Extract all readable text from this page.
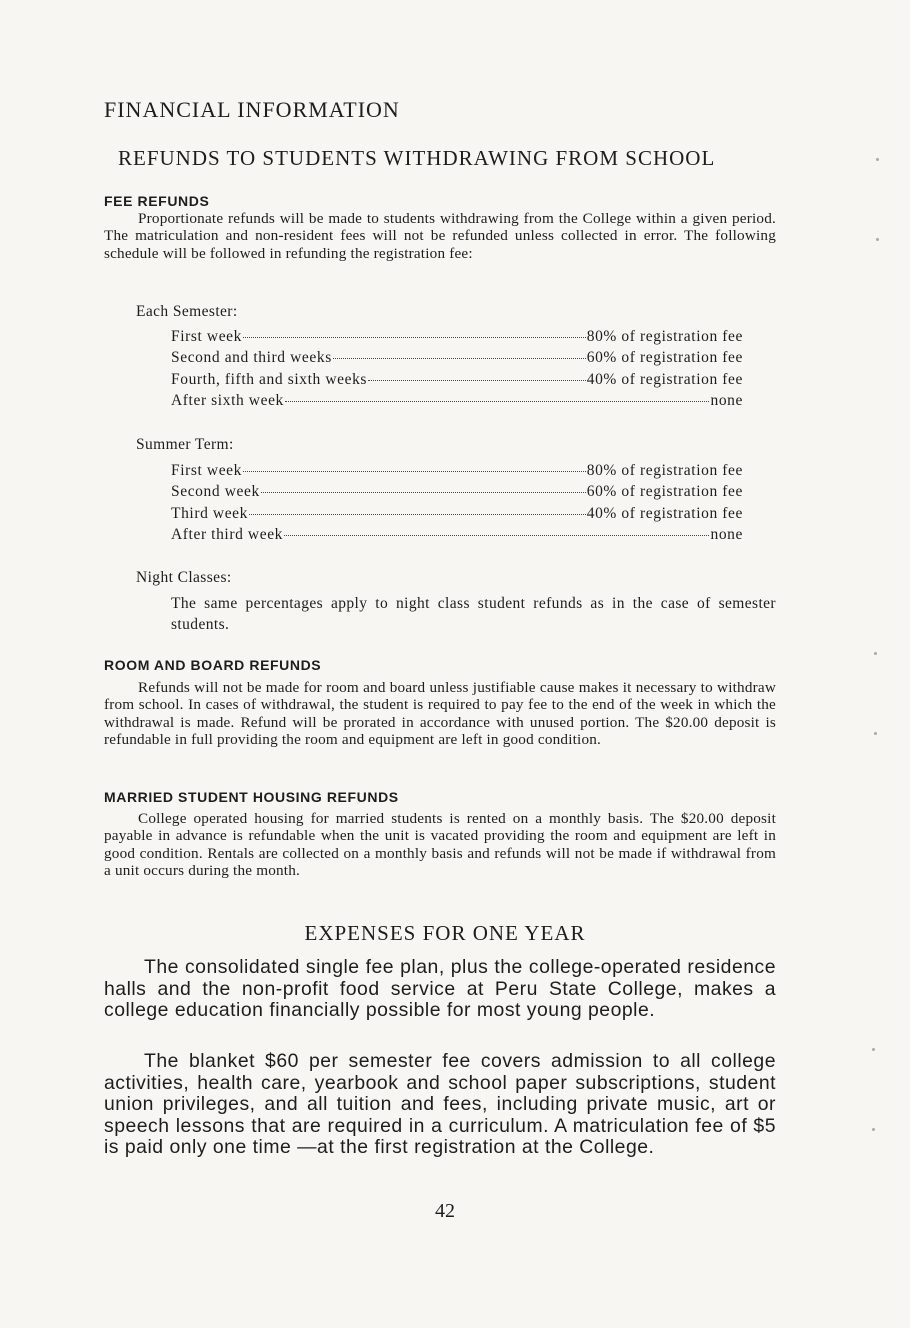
FINANCIAL INFORMATION
REFUNDS TO STUDENTS WITHDRAWING FROM SCHOOL
FEE REFUNDS

Proportionate refunds will be made to students withdrawing from the College within a given period. The matriculation and non-resident fees will not be refunded unless collected in error. The following schedule will be followed in refunding the registration fee:

Each Semester:

First week	80% of registration fee
Second and third weeks	60% of registration fee
Fourth, fifth and sixth weeks	40% of registration fee
After sixth week	none

Summer Term:

First week	80% of registration fee
Second week	60% of registration fee
Third week	40% of registration fee
After third week	none

Night Classes:

The same percentages apply to night class student refunds as in the case of semester students.

ROOM AND BOARD REFUNDS

Refunds will not be made for room and board unless justifiable cause makes it necessary to withdraw from school. In cases of withdrawal, the student is required to pay fee to the end of the week in which the withdrawal is made. Refund will be prorated in accordance with unused portion. The $20.00 deposit is refundable in full providing the room and equipment are left in good condition.

MARRIED STUDENT HOUSING REFUNDS

College operated housing for married students is rented on a monthly basis. The $20.00 deposit payable in advance is refundable when the unit is vacated providing the room and equipment are left in good condition. Rentals are collected on a monthly basis and refunds will not be made if withdrawal from a unit occurs during the month.

EXPENSES FOR ONE YEAR

The consolidated single fee plan, plus the college-operated residence halls and the non-profit food service at Peru State College, makes a college education financially possible for most young people.

The blanket $60 per semester fee covers admission to all college activities, health care, yearbook and school paper subscriptions, student union privileges, and all tuition and fees, including private music, art or speech lessons that are required in a curriculum. A matriculation fee of $5 is paid only one time —at the first registration at the College.

42
